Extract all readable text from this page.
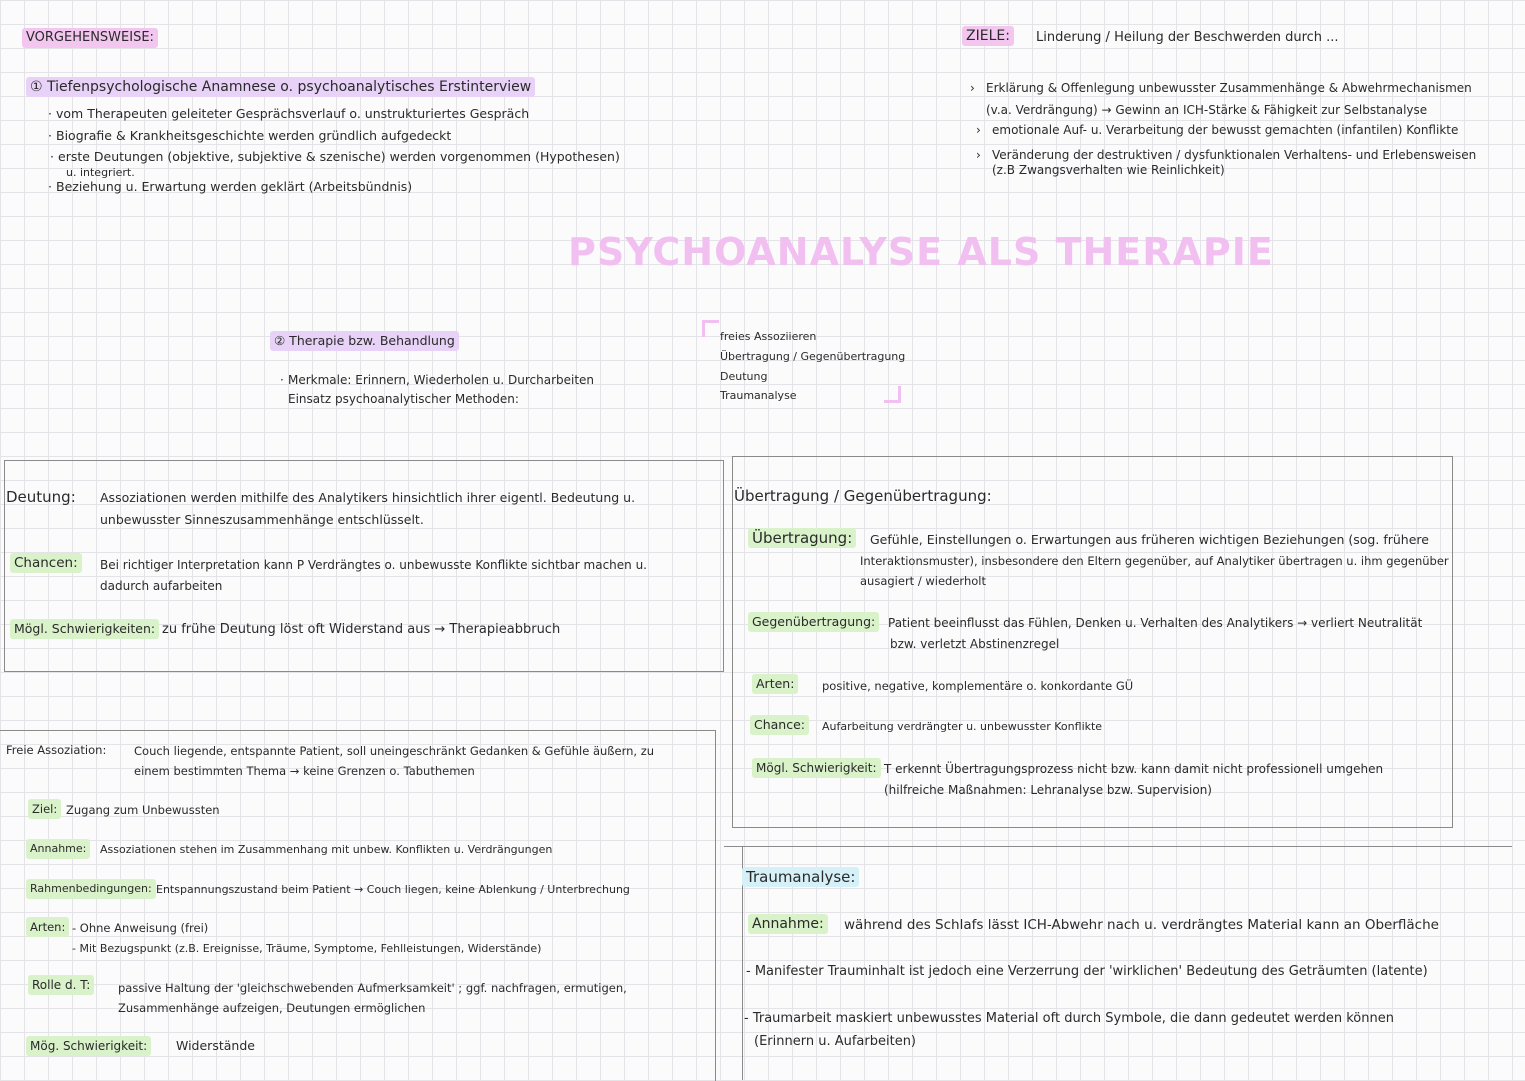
VORGEHENSWEISE:
① Tiefenpsychologische Anamnese o. psychoanalytisches Erstinterview
· vom Therapeuten geleiteter Gesprächsverlauf o. unstrukturiertes Gespräch
· Biografie & Krankheitsgeschichte werden gründlich aufgedeckt
· erste Deutungen (objektive, subjektive & szenische) werden vorgenommen (Hypothesen)
u. integriert.
· Beziehung u. Erwartung werden geklärt (Arbeitsbündnis)
ZIELE:	Linderung / Heilung der Beschwerden durch ...
› Erklärung & Offenlegung unbewusster Zusammenhänge & Abwehrmechanismen
(v.a. Verdrängung) → Gewinn an ICH-Stärke & Fähigkeit zur Selbstanalyse
› emotionale Auf- u. Verarbeitung der bewusst gemachten (infantilen) Konflikte
› Veränderung der destruktiven / dysfunktionalen Verhaltens- und Erlebensweisen
(z.B Zwangsverhalten wie Reinlichkeit)
PSYCHOANALYSE ALS THERAPIE
② Therapie bzw. Behandlung
· Merkmale: Erinnern, Wiederholen u. Durcharbeiten
Einsatz psychoanalytischer Methoden:
freies Assoziieren
Übertragung / Gegenübertragung
Deutung
Traumanalyse
Deutung: Assoziationen werden mithilfe des Analytikers hinsichtlich ihrer eigentl. Bedeutung u.
unbewusster Sinneszusammenhänge entschlüsselt.
Chancen:	Bei richtiger Interpretation kann P Verdrängtes o. unbewusste Konflikte sichtbar machen u.
dadurch aufarbeiten
Mögl. Schwierigkeiten: zu frühe Deutung löst oft Widerstand aus → Therapieabbruch
Übertragung / Gegenübertragung:
Übertragung:	Gefühle, Einstellungen o. Erwartungen aus früheren wichtigen Beziehungen (sog. frühere
Interaktionsmuster), insbesondere den Eltern gegenüber, auf Analytiker übertragen u. ihm gegenüber
ausagiert / wiederholt
Gegenübertragung:	Patient beeinflusst das Fühlen, Denken u. Verhalten des Analytikers → verliert Neutralität
bzw. verletzt Abstinenzregel
Arten:	positive, negative, komplementäre o. konkordante GÜ
Chance:	Aufarbeitung verdrängter u. unbewusster Konflikte
Mögl. Schwierigkeit: T erkennt Übertragungsprozess nicht bzw. kann damit nicht professionell umgehen
(hilfreiche Maßnahmen: Lehranalyse bzw. Supervision)
Freie Assoziation: Couch liegende, entspannte Patient, soll uneingeschränkt Gedanken & Gefühle äußern, zu
einem bestimmten Thema → keine Grenzen o. Tabuthemen
Ziel: Zugang zum Unbewussten
Annahme:	Assoziationen stehen im Zusammenhang mit unbew. Konflikten u. Verdrängungen
Rahmenbedingungen: Entspannungszustand beim Patient → Couch liegen, keine Ablenkung / Unterbrechung
Arten: - Ohne Anweisung (frei)
- Mit Bezugspunkt (z.B. Ereignisse, Träume, Symptome, Fehlleistungen, Widerstände)
Rolle d. T:	passive Haltung der 'gleichschwebenden Aufmerksamkeit' ; ggf. nachfragen, ermutigen,
Zusammenhänge aufzeigen, Deutungen ermöglichen
Mög. Schwierigkeit:	Widerstände
Traumanalyse:
Annahme: während des Schlafs lässt ICH-Abwehr nach u. verdrängtes Material kann an Oberfläche
- Manifester Trauminhalt ist jedoch eine Verzerrung der 'wirklichen' Bedeutung des Geträumten (latente)
- Traumarbeit maskiert unbewusstes Material oft durch Symbole, die dann gedeutet werden können
(Erinnern u. Aufarbeiten)
